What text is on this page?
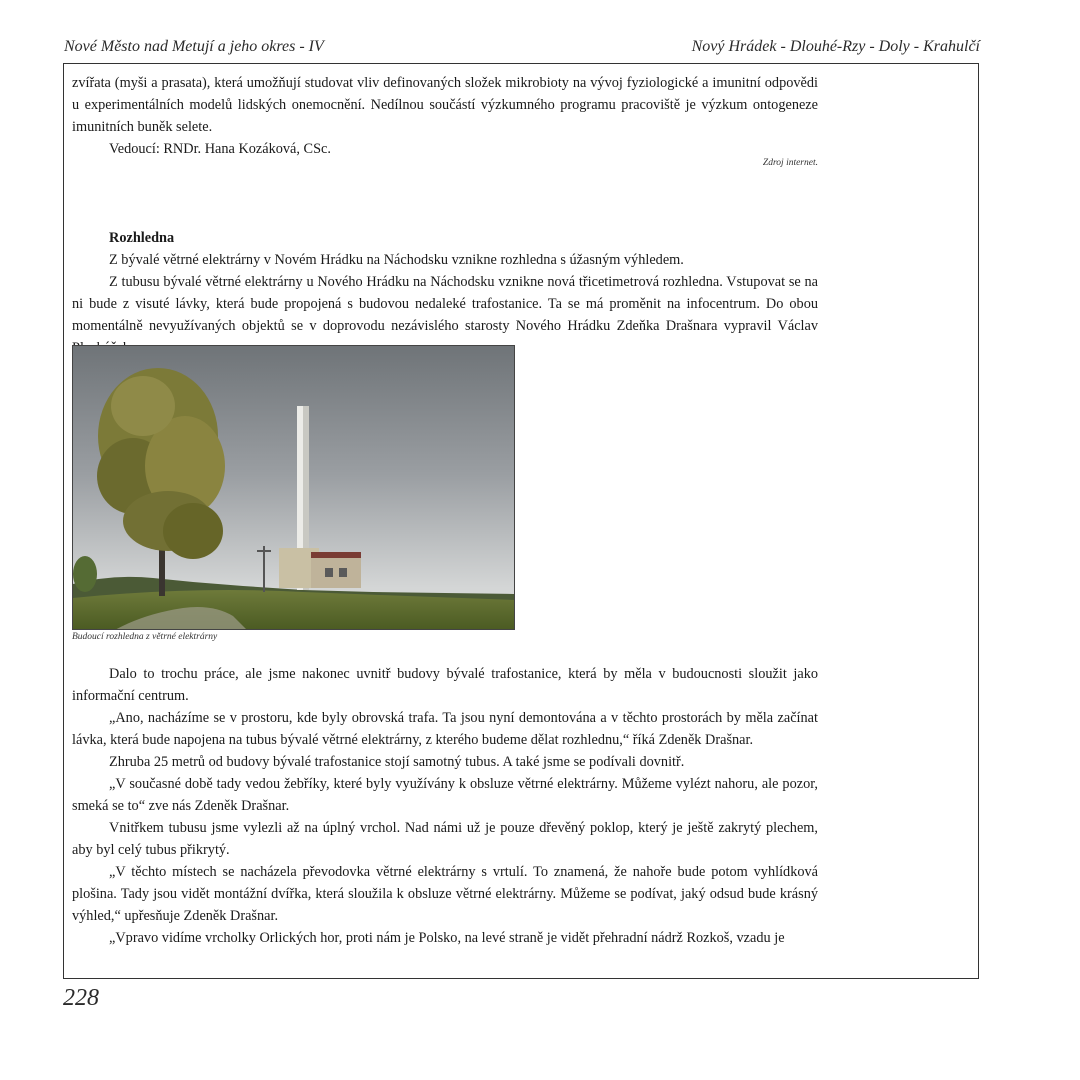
Nové Město nad Metují a jeho okres - IV	Nový Hrádek - Dlouhé-Rzy - Doly - Krahulčí

zvířata (myši a prasata), která umožňují studovat vliv definovaných složek mikrobioty na vývoj fyziologické a imunitní odpovědi u experimentálních modelů lidských onemocnění. Nedílnou součástí výzkumného programu pracoviště je výzkum ontogeneze imunitních buněk selete.

Vedoucí: RNDr. Hana Kozáková, CSc.

Zdroj internet.

Rozhledna

Z bývalé větrné elektrárny v Novém Hrádku na Náchodsku vznikne rozhledna s úžasným výhledem.

Z tubusu bývalé větrné elektrárny u Nového Hrádku na Náchodsku vznikne nová třicetimetrová rozhledna. Vstupovat se na ni bude z visuté lávky, která bude propojená s budovou nedaleké trafostanice. Ta se má proměnit na infocentrum. Do obou momentálně nevyužívaných objektů se v doprovodu nezávislého starosty Nového Hrádku Zdeňka Drašnara vypravil Václav

Budoucí rozhledna z větrné elektrárny

Dalo to trochu práce, ale jsme nakonec uvnitř budovy bývalé trafostanice, která by měla v budoucnosti sloužit jako informační centrum.

„Ano, nacházíme se v prostoru, kde byly obrovská trafa. Ta jsou nyní demontována a v těchto prostorách by měla začínat lávka, která bude napojena na tubus bývalé větrné elektrárny, z kterého budeme dělat rozhlednu,“ říká Zdeněk Drašnar.

Zhruba 25 metrů od budovy bývalé trafostanice stojí samotný tubus. A také jsme se podívali dovnitř.

„V současné době tady vedou žebříky, které byly využívány k obsluze větrné elektrárny. Můžeme vylézt nahoru, ale pozor, smeká se to“ zve nás Zdeněk Drašnar.

Vnitřkem tubusu jsme vylezli až na úplný vrchol. Nad námi už je pouze dřevěný poklop, který je ještě zakrytý plechem, aby byl celý tubus přikrytý.

„V těchto místech se nacházela převodovka větrné elektrárny s vrtulí. To znamená, že nahoře bude potom vyhlídková plošina. Tady jsou vidět montážní dvířka, která sloužila k obsluze větrné elektrárny. Můžeme se podívat, jaký odsud bude krásný výhled,“ upřesňuje Zdeněk Drašnar.

„Vpravo vidíme vrcholky Orlických hor, proti nám je Polsko, na levé straně je vidět přehradní nádrž Rozkoš, vzadu je

228
